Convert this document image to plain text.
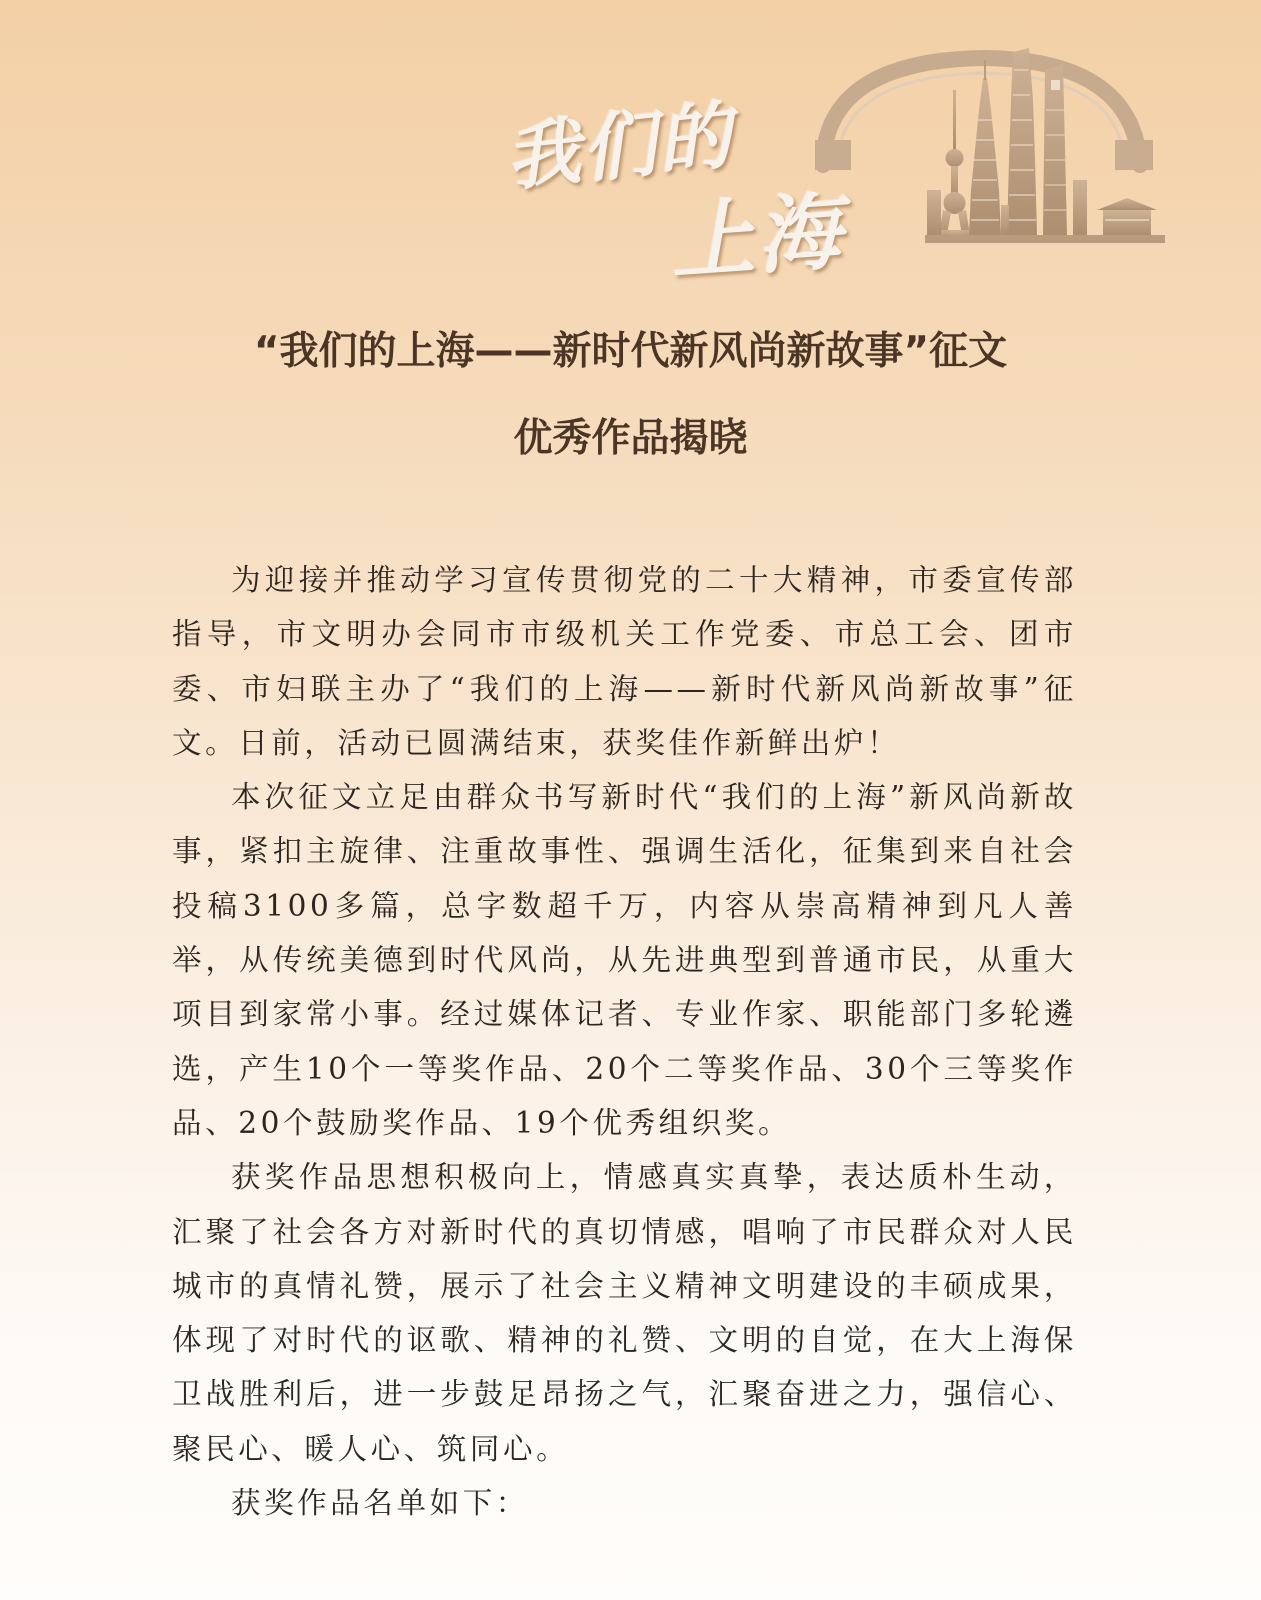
我们的
上海

“我们的上海——新时代新风尚新故事”征文

优秀作品揭晓

为迎接并推动学习宣传贯彻党的二十大精神，市委宣传部指导，市文明办会同市市级机关工作党委、市总工会、团市委、市妇联主办了“我们的上海——新时代新风尚新故事”征文。日前，活动已圆满结束，获奖佳作新鲜出炉！

本次征文立足由群众书写新时代“我们的上海”新风尚新故事，紧扣主旋律、注重故事性、强调生活化，征集到来自社会投稿3100多篇，总字数超千万，内容从崇高精神到凡人善举，从传统美德到时代风尚，从先进典型到普通市民，从重大项目到家常小事。经过媒体记者、专业作家、职能部门多轮遴选，产生10个一等奖作品、20个二等奖作品、30个三等奖作品、20个鼓励奖作品、19个优秀组织奖。

获奖作品思想积极向上，情感真实真挚，表达质朴生动，汇聚了社会各方对新时代的真切情感，唱响了市民群众对人民城市的真情礼赞，展示了社会主义精神文明建设的丰硕成果，体现了对时代的讴歌、精神的礼赞、文明的自觉，在大上海保卫战胜利后，进一步鼓足昂扬之气，汇聚奋进之力，强信心、聚民心、暖人心、筑同心。

获奖作品名单如下：
